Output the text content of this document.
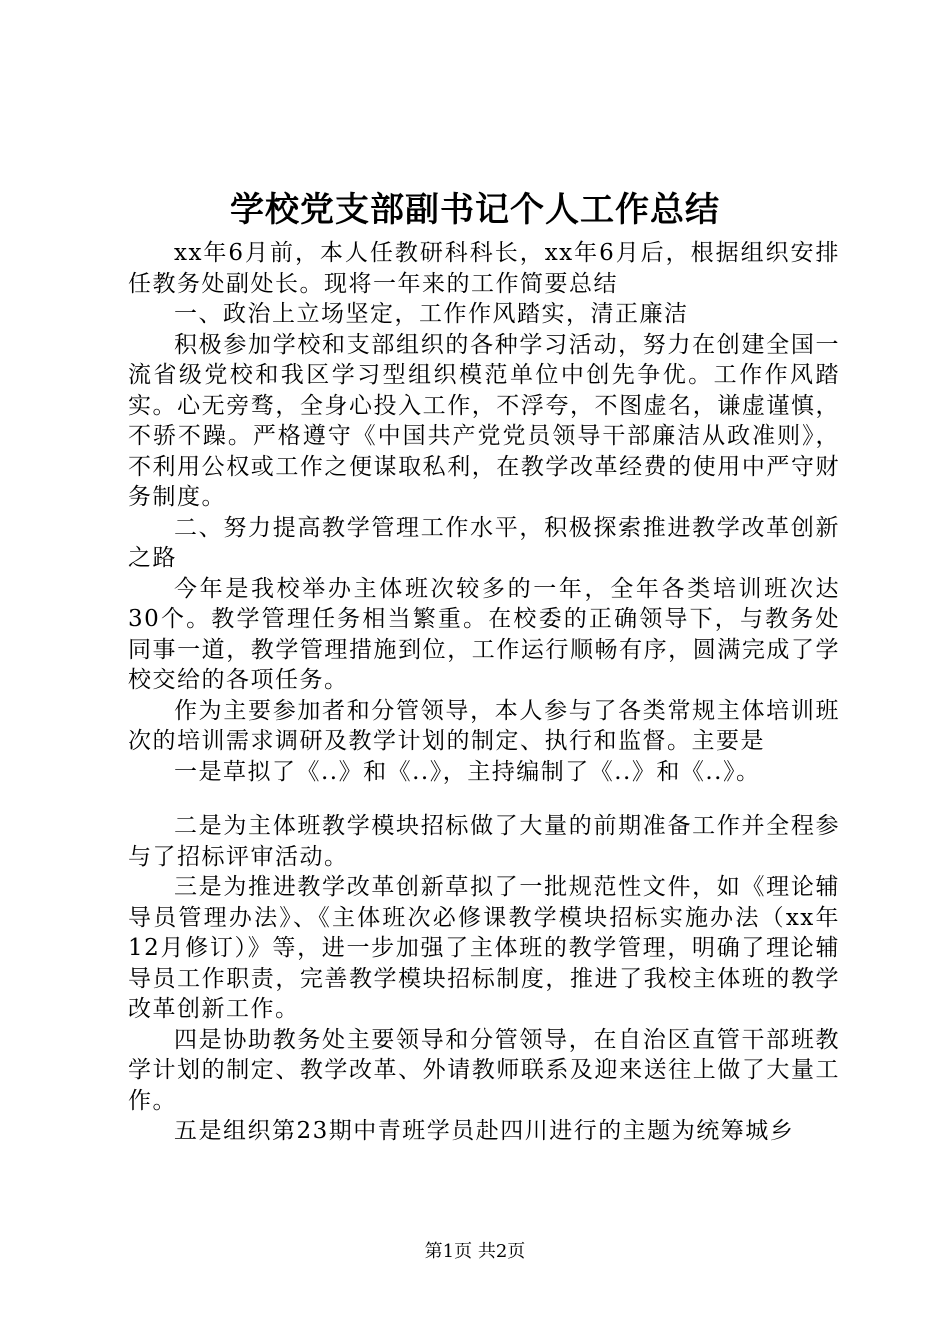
学校党支部副书记个人工作总结

xx年6月前，本人任教研科科长，xx年6月后，根据组织安排任教务处副处长。现将一年来的工作简要总结

一、政治上立场坚定，工作作风踏实，清正廉洁

积极参加学校和支部组织的各种学习活动，努力在创建全国一流省级党校和我区学习型组织模范单位中创先争优。工作作风踏实。心无旁骛，全身心投入工作，不浮夸，不图虚名，谦虚谨慎，不骄不躁。严格遵守《中国共产党党员领导干部廉洁从政准则》，不利用公权或工作之便谋取私利，在教学改革经费的使用中严守财务制度。

二、努力提高教学管理工作水平，积极探索推进教学改革创新之路

今年是我校举办主体班次较多的一年，全年各类培训班次达30个。教学管理任务相当繁重。在校委的正确领导下，与教务处同事一道，教学管理措施到位，工作运行顺畅有序，圆满完成了学校交给的各项任务。

作为主要参加者和分管领导，本人参与了各类常规主体培训班次的培训需求调研及教学计划的制定、执行和监督。主要是

一是草拟了《..》和《..》，主持编制了《..》和《..》。

二是为主体班教学模块招标做了大量的前期准备工作并全程参与了招标评审活动。

三是为推进教学改革创新草拟了一批规范性文件，如《理论辅导员管理办法》、《主体班次必修课教学模块招标实施办法（xx年12月修订）》等，进一步加强了主体班的教学管理，明确了理论辅导员工作职责，完善教学模块招标制度，推进了我校主体班的教学改革创新工作。

四是协助教务处主要领导和分管领导，在自治区直管干部班教学计划的制定、教学改革、外请教师联系及迎来送往上做了大量工作。

五是组织第23期中青班学员赴四川进行的主题为统筹城乡

第1页 共2页
